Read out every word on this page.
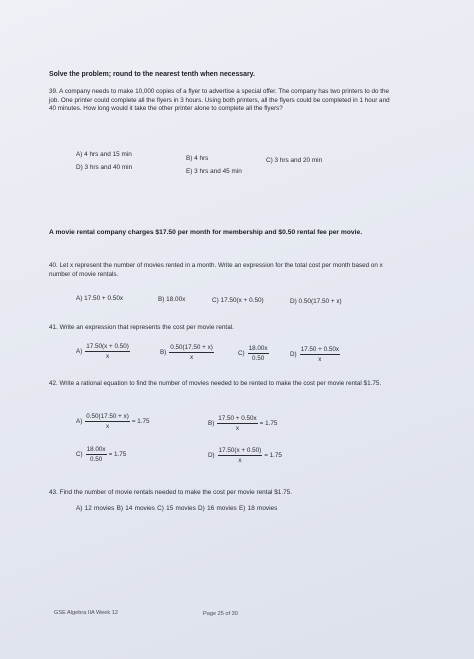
Solve the problem; round to the nearest tenth when necessary.
39. A company needs to make 10,000 copies of a flyer to advertise a special offer. The company has two printers to do the job. One printer could complete all the flyers in 3 hours. Using both printers, all the flyers could be completed in 1 hour and 40 minutes. How long would it take the other printer alone to complete all the flyers?
A) 4 hrs and 15 min
B) 4 hrs	C) 3 hrs and 20 min
D) 3 hrs and 40 min
E) 3 hrs and 45 min
A movie rental company charges $17.50 per month for membership and $0.50 rental fee per movie.
40. Let x represent the number of movies rented in a month. Write an expression for the total cost per month based on x number of movie rentals.
A) 17.50 + 0.50x	B) 18.00x	C) 17.50(x + 0.50)	D) 0.50(17.50 + x)
41. Write an expression that represents the cost per movie rental.
$A) \frac{17.50(x + 0.50)}{x}$	$B) \frac{0.50(17.50 + x)}{x}$	$C) \frac{18.00x}{0.50}$	$D) \frac{17.50 + 0.50x}{x}$
42. Write a rational equation to find the number of movies needed to be rented to make the cost per movie rental $1.75.
$A) \frac{0.50(17.50 + x)}{x} = 1.75$	$B) \frac{17.50 + 0.50x}{x} = 1.75$
$C) \frac{18.00x}{0.50} = 1.75$	$D) \frac{17.50(x + 0.50)}{x} = 1.75$
43. Find the number of movie rentals needed to make the cost per movie rental $1.75.
A) 12 movies B) 14 movies C) 15 movies D) 16 movies E) 18 movies
GSE Algebra IIA Week 12	Page 25 of 30
